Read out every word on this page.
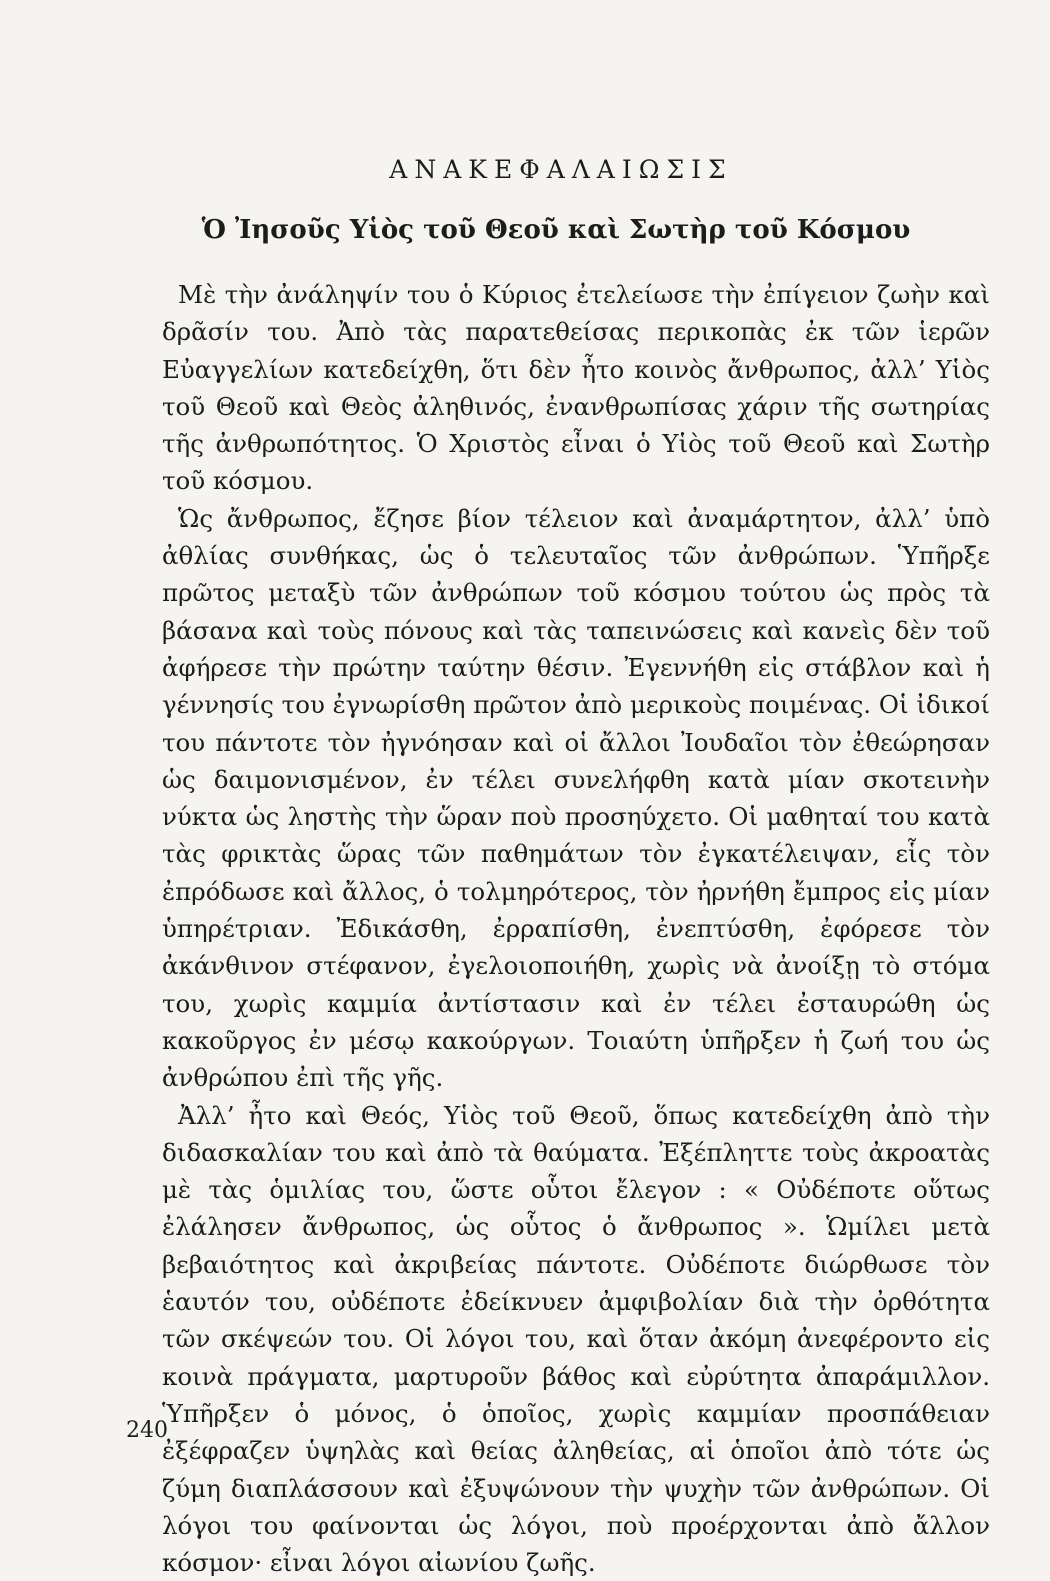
ΑΝΑΚΕΦΑΛΑΙΩΣΙΣ
Ὁ Ἰησοῦς Υἱὸς τοῦ Θεοῦ καὶ Σωτὴρ τοῦ Κόσμου

Μὲ τὴν ἀνάληψίν του ὁ Κύριος ἐτελείωσε τὴν ἐπίγειον ζωὴν καὶ δρᾶσίν του. Ἀπὸ τὰς παρατεθείσας περικοπὰς ἐκ τῶν ἱερῶν Εὐαγγελίων κατεδείχθη, ὅτι δὲν ἦτο κοινὸς ἄνθρωπος, ἀλλ’ Υἱὸς τοῦ Θεοῦ καὶ Θεὸς ἀληθινός, ἐνανθρωπίσας χάριν τῆς σωτηρίας τῆς ἀνθρωπότητος. Ὁ Χριστὸς εἶναι ὁ Υἱὸς τοῦ Θεοῦ καὶ Σωτὴρ τοῦ κόσμου.

Ὡς ἄνθρωπος, ἔζησε βίον τέλειον καὶ ἀναμάρτητον, ἀλλ’ ὑπὸ ἀθλίας συνθήκας, ὡς ὁ τελευταῖος τῶν ἀνθρώπων. Ὑπῆρξε πρῶτος μεταξὺ τῶν ἀνθρώπων τοῦ κόσμου τούτου ὡς πρὸς τὰ βάσανα καὶ τοὺς πόνους καὶ τὰς ταπεινώσεις καὶ κανεὶς δὲν τοῦ ἀφήρεσε τὴν πρώτην ταύτην θέσιν. Ἐγεννήθη εἰς στάβλον καὶ ἡ γέννησίς του ἐγνωρίσθη πρῶτον ἀπὸ μερικοὺς ποιμένας. Οἱ ἰδικοί του πάντοτε τὸν ἠγνόησαν καὶ οἱ ἄλλοι Ἰουδαῖοι τὸν ἐθεώρησαν ὡς δαιμονισμένον, ἐν τέλει συνελήφθη κατὰ μίαν σκοτεινὴν νύκτα ὡς ληστὴς τὴν ὥραν ποὺ προσηύχετο. Οἱ μαθηταί του κατὰ τὰς φρικτὰς ὥρας τῶν παθημάτων τὸν ἐγκατέλειψαν, εἷς τὸν ἐπρόδωσε καὶ ἄλλος, ὁ τολμηρότερος, τὸν ἠρνήθη ἔμπρος εἰς μίαν ὑπηρέτριαν. Ἐδικάσθη, ἐρραπίσθη, ἐνεπτύσθη, ἐφόρεσε τὸν ἀκάνθινον στέφανον, ἐγελοιοποιήθη, χωρὶς νὰ ἀνοίξῃ τὸ στόμα του, χωρὶς καμμία ἀντίστασιν καὶ ἐν τέλει ἐσταυρώθη ὡς κακοῦργος ἐν μέσῳ κακούργων. Τοιαύτη ὑπῆρξεν ἡ ζωή του ὡς ἀνθρώπου ἐπὶ τῆς γῆς.

Ἀλλ’ ἦτο καὶ Θεός, Υἱὸς τοῦ Θεοῦ, ὅπως κατεδείχθη ἀπὸ τὴν διδασκαλίαν του καὶ ἀπὸ τὰ θαύματα. Ἐξέπληττε τοὺς ἀκροατὰς μὲ τὰς ὁμιλίας του, ὥστε οὗτοι ἔλεγον : « Οὐδέποτε οὕτως ἐλάλησεν ἄνθρωπος, ὡς οὗτος ὁ ἄνθρωπος ». Ὡμίλει μετὰ βεβαιότητος καὶ ἀκριβείας πάντοτε. Οὐδέποτε διώρθωσε τὸν ἑαυτόν του, οὐδέποτε ἐδείκνυεν ἀμφιβολίαν διὰ τὴν ὀρθότητα τῶν σκέψεών του. Οἱ λόγοι του, καὶ ὅταν ἀκόμη ἀνεφέροντο εἰς κοινὰ πράγματα, μαρτυροῦν βάθος καὶ εὐρύτητα ἀπαράμιλλον. Ὑπῆρξεν ὁ μόνος, ὁ ὁποῖος, χωρὶς καμμίαν προσπάθειαν ἐξέφραζεν ὑψηλὰς καὶ θείας ἀληθείας, αἱ ὁποῖοι ἀπὸ τότε ὡς ζύμη διαπλάσσουν καὶ ἐξυψώνουν τὴν ψυχὴν τῶν ἀνθρώπων. Οἱ λόγοι του φαίνονται ὡς λόγοι, ποὺ προέρχονται ἀπὸ ἄλλον κόσμον· εἶναι λόγοι αἰωνίου ζωῆς.

240
